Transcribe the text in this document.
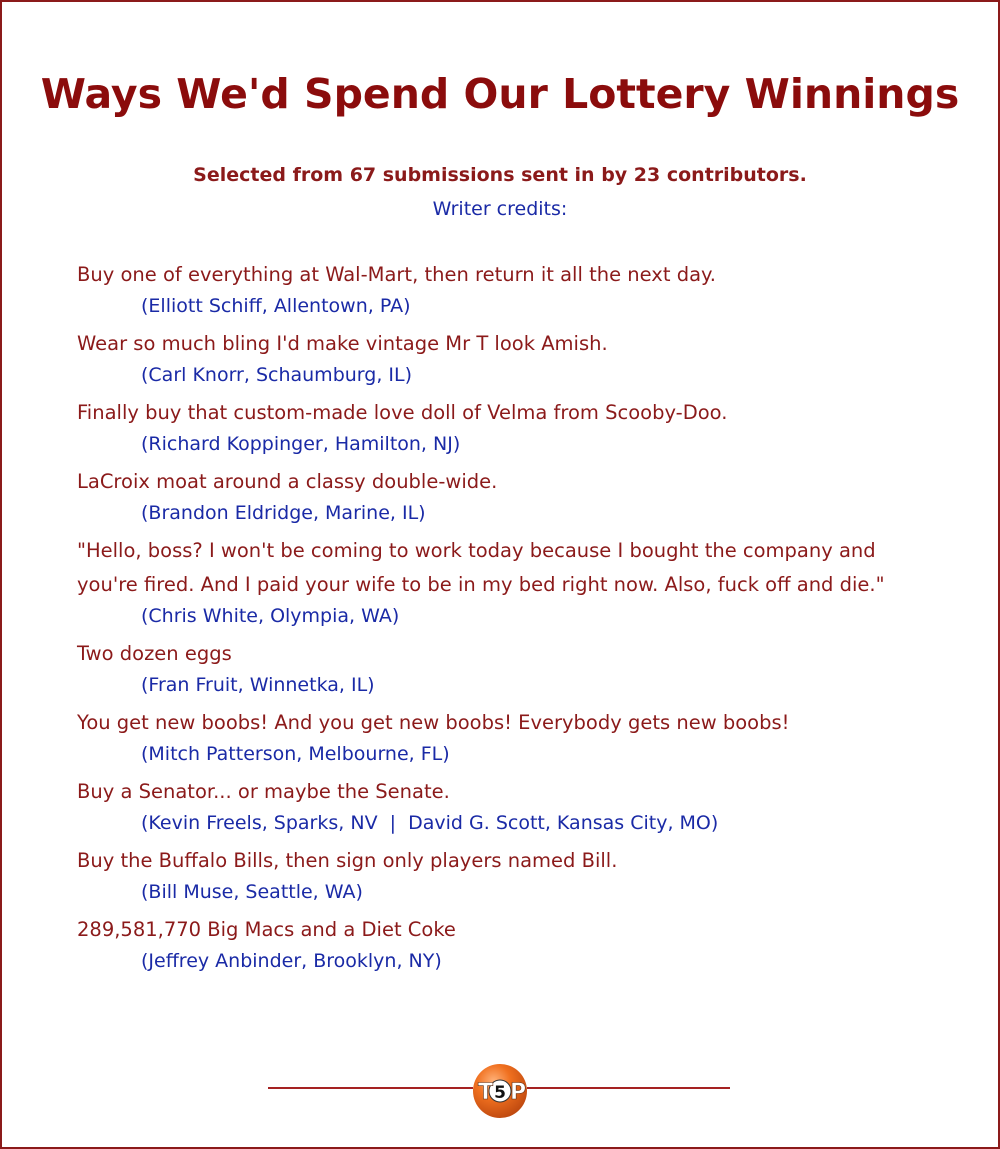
Ways We'd Spend Our Lottery Winnings
Selected from 67 submissions sent in by 23 contributors.
Writer credits:
Buy one of everything at Wal-Mart, then return it all the next day.
(Elliott Schiff, Allentown, PA)
Wear so much bling I'd make vintage Mr T look Amish.
(Carl Knorr, Schaumburg, IL)
Finally buy that custom-made love doll of Velma from Scooby-Doo.
(Richard Koppinger, Hamilton, NJ)
LaCroix moat around a classy double-wide.
(Brandon Eldridge, Marine, IL)
"Hello, boss? I won't be coming to work today because I bought the company and you're fired. And I paid your wife to be in my bed right now. Also, fuck off and die."
(Chris White, Olympia, WA)
Two dozen eggs
(Fran Fruit, Winnetka, IL)
You get new boobs! And you get new boobs! Everybody gets new boobs!
(Mitch Patterson, Melbourne, FL)
Buy a Senator... or maybe the Senate.
(Kevin Freels, Sparks, NV  |  David G. Scott, Kansas City, MO)
Buy the Buffalo Bills, then sign only players named Bill.
(Bill Muse, Seattle, WA)
289,581,770 Big Macs and a Diet Coke
(Jeffrey Anbinder, Brooklyn, NY)
T 5 P
